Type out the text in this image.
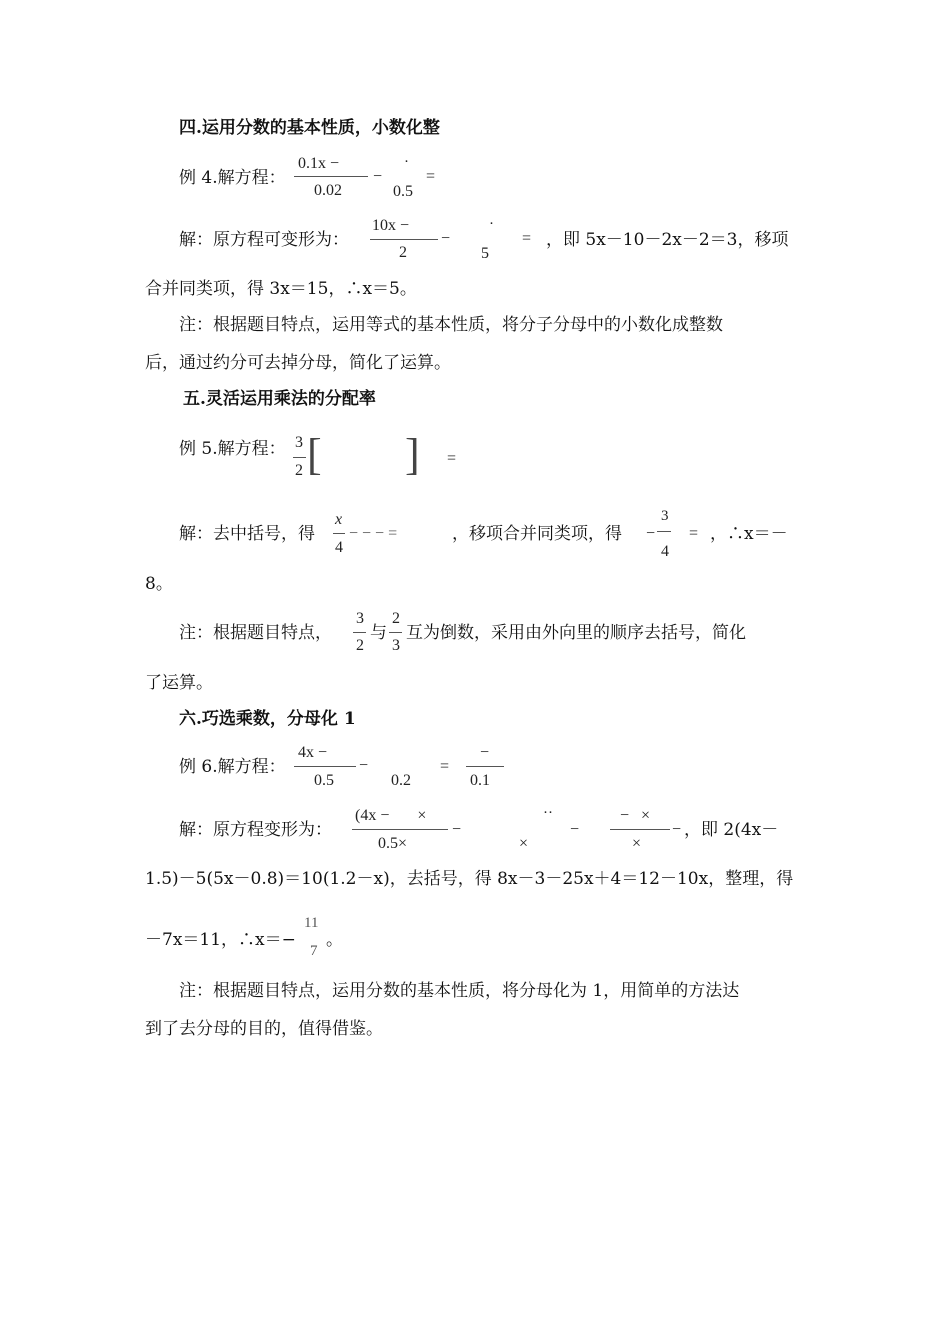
四.运用分数的基本性质，小数化整
例 4.解方程：
0.1x −
0.02
−
·
0.5
=
解：原方程可变形为：
10x −
2
−
·
5
= ，即 5x－10－2x－2＝3，移项
合并同类项，得 3x＝15，∴x＝5。
注：根据题目特点，运用等式的基本性质，将分子分母中的小数化成整数
后，通过约分可去掉分母，简化了运算。
五.灵活运用乘法的分配率
例 5.解方程： 3
2 [ ] =
解：去中括号，得
x
4
− − − =	，移项合并同类项，得 −
3
4
= ，∴x＝－
8。
注：根据题目特点，
3
2
与
2
3
互为倒数，采用由外向里的顺序去括号，简化
了运算。
六.巧选乘数，分母化 1
例 6.解方程：
4x −
0.5
−
0.2
=
−
0.1
解：原方程变形为：
(4x −       ×
0.5×
−
··
×
−
−   ×
×
− ，即 2(4x－
1.5)－5(5x－0.8)＝10(1.2－x)，去括号，得 8x－3－25x＋4＝12－10x，整理，得
－7x＝11，∴x＝−
11
7
。
注：根据题目特点，运用分数的基本性质，将分母化为 1，用简单的方法达
到了去分母的目的，值得借鉴。
